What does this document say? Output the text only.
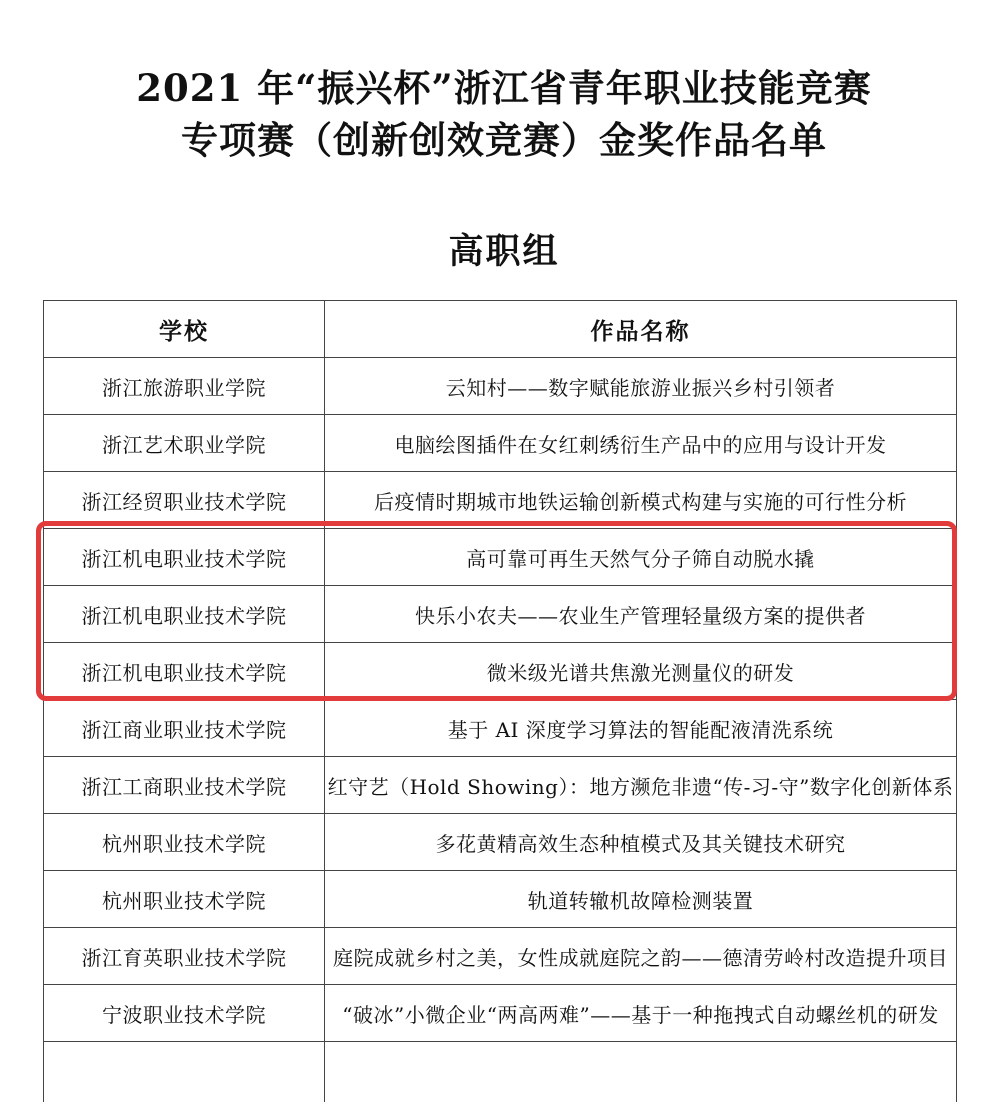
2021 年“振兴杯”浙江省青年职业技能竞赛
专项赛（创新创效竞赛）金奖作品名单
高职组
学校	作品名称
浙江旅游职业学院	云知村——数字赋能旅游业振兴乡村引领者
浙江艺术职业学院	电脑绘图插件在女红刺绣衍生产品中的应用与设计开发
浙江经贸职业技术学院	后疫情时期城市地铁运输创新模式构建与实施的可行性分析
浙江机电职业技术学院	高可靠可再生天然气分子筛自动脱水撬
浙江机电职业技术学院	快乐小农夫——农业生产管理轻量级方案的提供者
浙江机电职业技术学院	微米级光谱共焦激光测量仪的研发
浙江商业职业技术学院	基于 AI 深度学习算法的智能配液清洗系统
浙江工商职业技术学院	红守艺（Hold Showing）：地方濒危非遗“传-习-守”数字化创新体系
杭州职业技术学院	多花黄精高效生态种植模式及其关键技术研究
杭州职业技术学院	轨道转辙机故障检测装置
浙江育英职业技术学院	庭院成就乡村之美，女性成就庭院之韵——德清劳岭村改造提升项目
宁波职业技术学院	“破冰”小微企业“两高两难”——基于一种拖拽式自动螺丝机的研发
